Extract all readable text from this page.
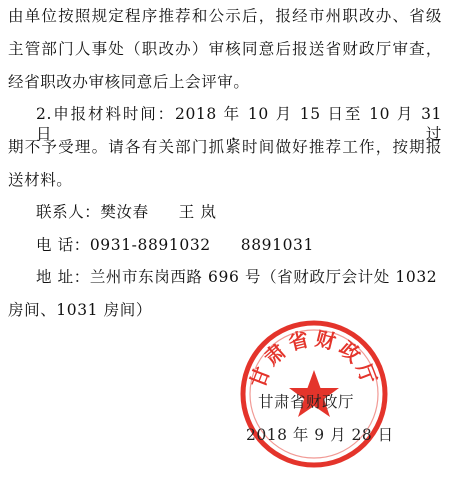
由单位按照规定程序推荐和公示后，报经市州职改办、省级
主管部门人事处（职改办）审核同意后报送省财政厅审查，
经省职改办审核同意后上会评审。
2.申报材料时间：2018 年 10 月 15 日至 10 月 31 日，过
期不予受理。请各有关部门抓紧时间做好推荐工作，按期报
送材料。
联系人：樊汝春 王 岚
电 话：0931-8891032 8891031
地 址：兰州市东岗西路 696 号（省财政厅会计处 1032
房间、1031 房间）
甘肃省财政厅
甘肃省财政厅
2018 年 9 月 28 日
